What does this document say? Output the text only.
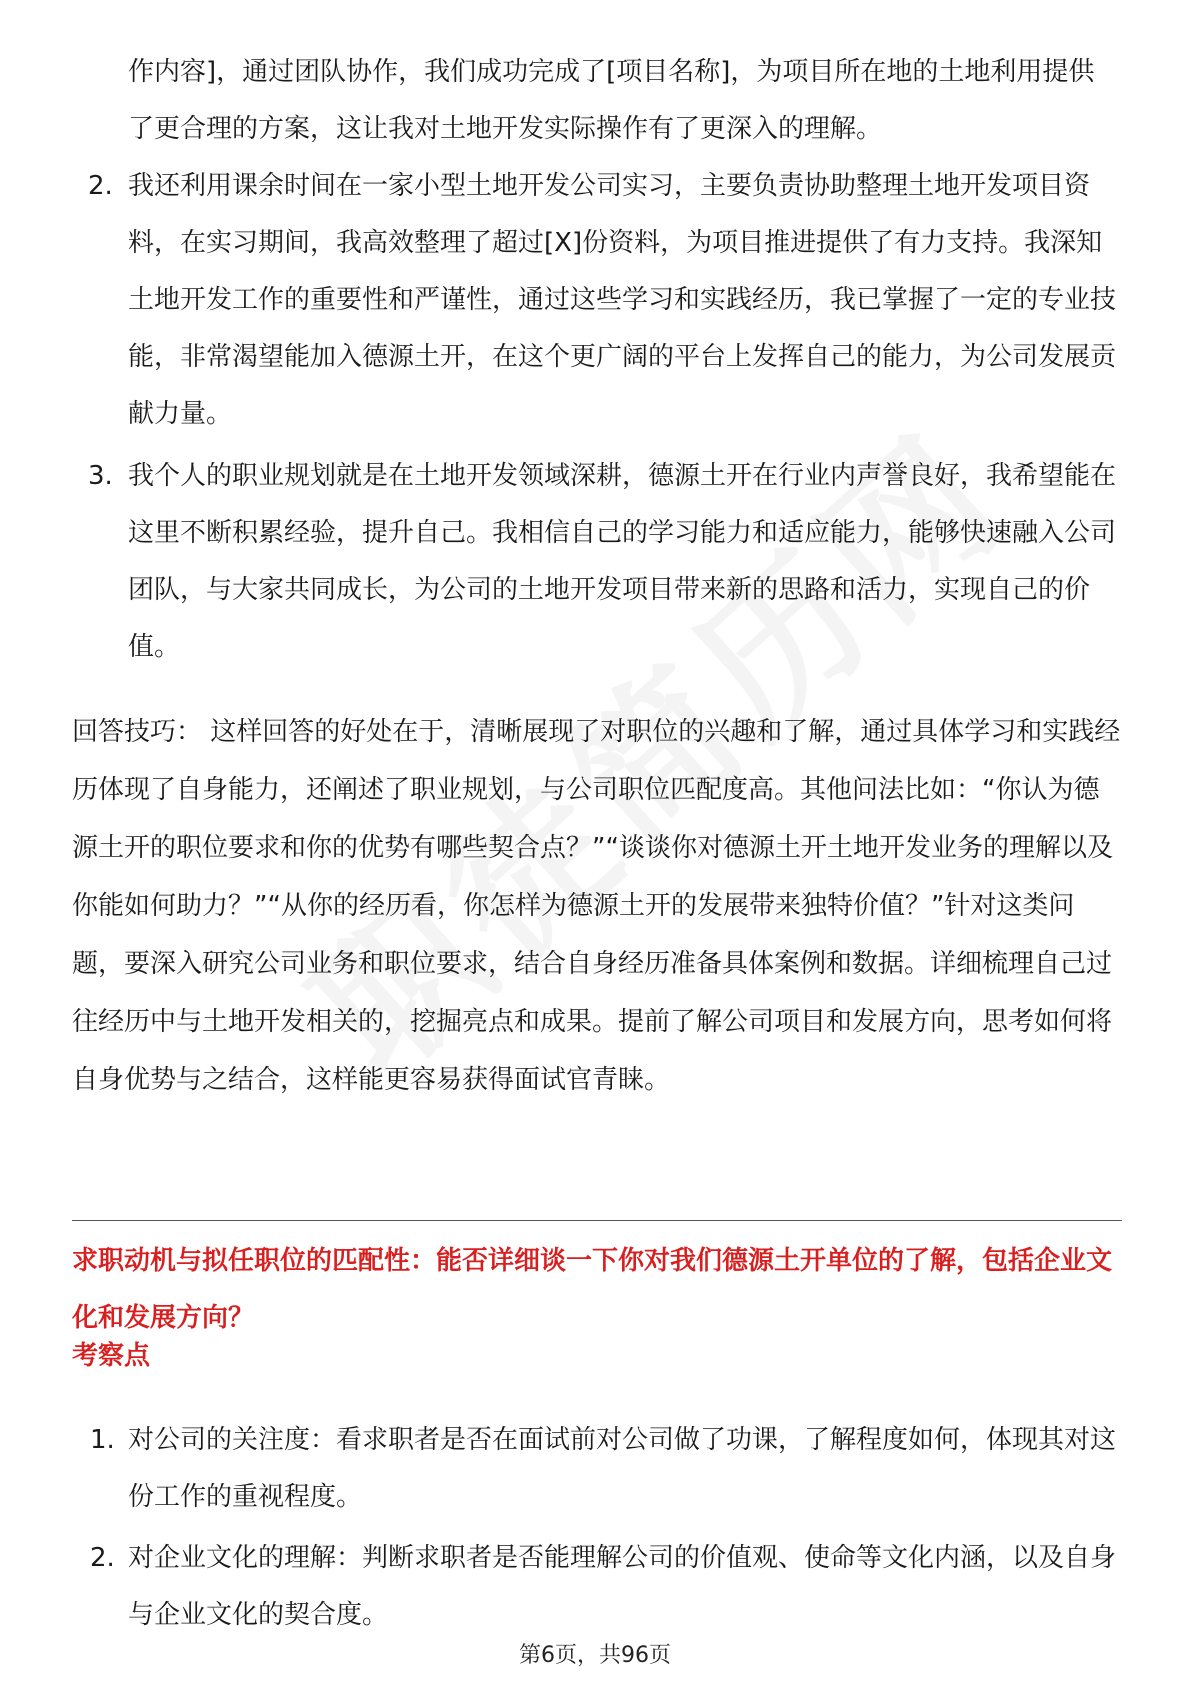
作内容]，通过团队协作，我们成功完成了[项目名称]，为项目所在地的土地利用提供了更合理的方案，这让我对土地开发实际操作有了更深入的理解。
2. 我还利用课余时间在一家小型土地开发公司实习，主要负责协助整理土地开发项目资料，在实习期间，我高效整理了超过[X]份资料，为项目推进提供了有力支持。我深知土地开发工作的重要性和严谨性，通过这些学习和实践经历，我已掌握了一定的专业技能，非常渴望能加入德源土开，在这个更广阔的平台上发挥自己的能力，为公司发展贡献力量。
3. 我个人的职业规划就是在土地开发领域深耕，德源土开在行业内声誉良好，我希望能在这里不断积累经验，提升自己。我相信自己的学习能力和适应能力，能够快速融入公司团队，与大家共同成长，为公司的土地开发项目带来新的思路和活力，实现自己的价值。
回答技巧： 这样回答的好处在于，清晰展现了对职位的兴趣和了解，通过具体学习和实践经历体现了自身能力，还阐述了职业规划，与公司职位匹配度高。其他问法比如：“你认为德源土开的职位要求和你的优势有哪些契合点？”“谈谈你对德源土开土地开发业务的理解以及你能如何助力？”“从你的经历看，你怎样为德源土开的发展带来独特价值？”针对这类问题，要深入研究公司业务和职位要求，结合自身经历准备具体案例和数据。详细梳理自己过往经历中与土地开发相关的，挖掘亮点和成果。提前了解公司项目和发展方向，思考如何将自身优势与之结合，这样能更容易获得面试官青睐。
求职动机与拟任职位的匹配性：能否详细谈一下你对我们德源土开单位的了解，包括企业文化和发展方向？
考察点
1. 对公司的关注度：看求职者是否在面试前对公司做了功课，了解程度如何，体现其对这份工作的重视程度。
2. 对企业文化的理解：判断求职者是否能理解公司的价值观、使命等文化内涵，以及自身与企业文化的契合度。
第6页，共96页
